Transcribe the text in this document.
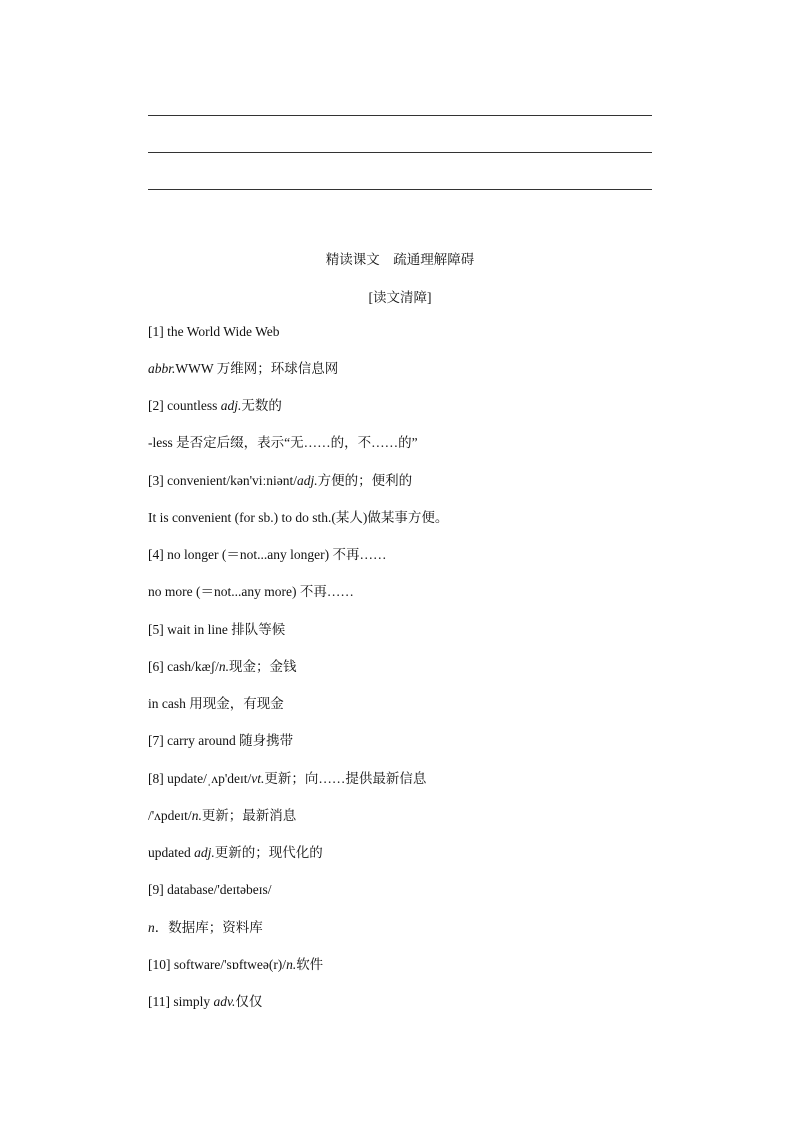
精读课文　疏通理解障碍
[读文清障]
[1] the World Wide Web
abbr.WWW 万维网；环球信息网
[2] countless adj.无数的
-less 是否定后缀，表示“无……的，不……的”
[3] convenient/kən'viːniənt/adj.方便的；便利的
It is convenient (for sb.) to do sth.(某人)做某事方便。
[4] no longer (＝not...any longer) 不再……
no more (＝not...any more) 不再……
[5] wait in line 排队等候
[6] cash/kæʃ/n.现金；金钱
in cash 用现金，有现金
[7] carry around 随身携带
[8] update/ˌʌp'deɪt/vt.更新；向……提供最新信息
/'ʌpdeɪt/n.更新；最新消息
updated adj.更新的；现代化的
[9] database/'deɪtəbeɪs/
n．数据库；资料库
[10] software/'sɒftweə(r)/n.软件
[11] simply adv.仅仅
